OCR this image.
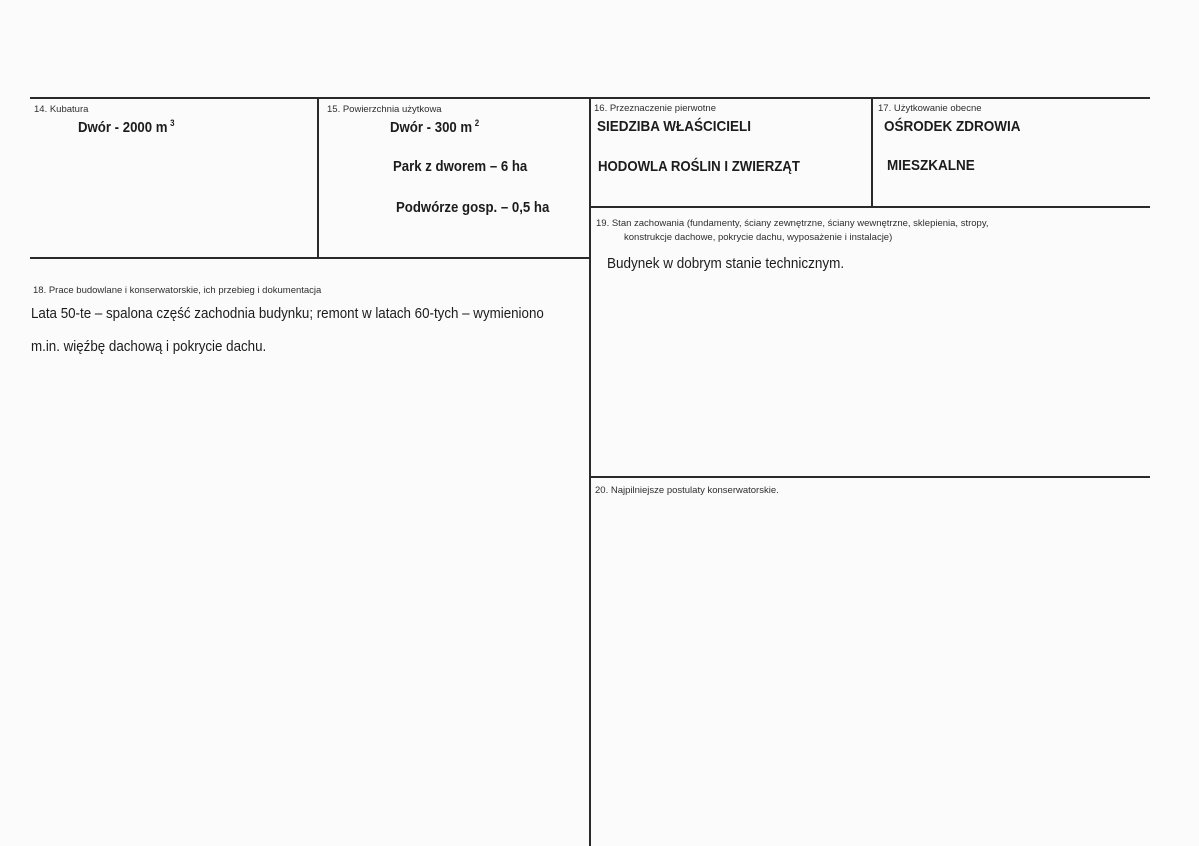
14. Kubatura
Dwór - 2000 m $^3$
15. Powierzchnia użytkowa
Dwór - 300 m $^2$
Park z dworem – 6 ha
Podwórze gosp. – 0,5 ha
16. Przeznaczenie pierwotne
SIEDZIBA WŁAŚCICIELI
HODOWLA ROŚLIN I ZWIERZĄT
17. Użytkowanie obecne
OŚRODEK ZDROWIA
MIESZKALNE
18. Prace budowlane i konserwatorskie, ich przebieg i dokumentacja
Lata 50-te – spalona część zachodnia budynku; remont w latach 60-tych – wymieniono
m.in. więźbę dachową i pokrycie dachu.
19. Stan zachowania (fundamenty, ściany zewnętrzne, ściany wewnętrzne, sklepienia, stropy,
konstrukcje dachowe, pokrycie dachu, wyposażenie i instalacje)
Budynek w dobrym stanie technicznym.
20. Najpilniejsze postulaty konserwatorskie.
